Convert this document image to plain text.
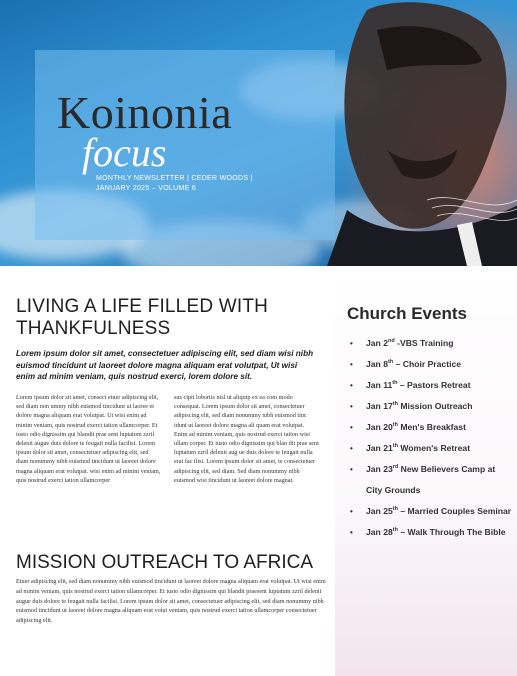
Koinonia
focus
MONTHLY NEWSLETTER | CEDER WOODS |
JANUARY 2025 – VOLUME 6
LIVING A LIFE FILLED WITH THANKFULNESS

Lorem ipsum dolor sit amet, consectetuer adipiscing elit, sed diam wisi nibh euismod tincidunt ut laoreet dolore magna aliquam erat volutpat, Ut wisi enim ad minim veniam, quis nostrud exerci, lorem dolore sit.

Lorem ipsum dolor sit amet, consect etuer adipiscing elit, sed diam non ummy nibh euismod tincidunt ut laoree et dolore magna aliquam erat volutpat. Ut wisi enim ad minim veniam, quis nostrud exerci tation ullamcorper. Et iusto odio dignissim qui blandit prae sent luptatum zzril delenit augue duis dolore te feugait nulla facilisi. Lorem ipsum dolor sit amet, consectetuer adipiscing elit, sed diam nonummy nibh euismod tincidunt ut laoreet dolore magna aliquam erat volutpat. wisi enim ad minim veniam, quis nostrud exerci tation ullamcorper

sus cipit lobortis nisl ut aliquip ex ea com modo consequat. Lorem ipsum dolor sit amet, consectetuer adipiscing elit, sed diam nonummy nibh euismod tinc idunt ut laoreet dolore magna ali quam erat volutpat. Enim ad minim veniam, quis nostrud exerci tation wisi ullam corper. Et iusto odio dignissim qui blan dit prae sent luptatum zzril delenit aug ue duis dolore te feugait nulla erat fac ilisi. Lorem ipsum dolor sit amet, te consectetuer adipiscing elit, sed diam. Sed diam nonummy nibh euismod wisi tincidunt ut laoreet dolore magnat.

MISSION OUTREACH TO AFRICA

Etuer adipiscing elit, sed diam nonummy nibh euismod tincidunt ut laoreet dolore magna aliquam erat volutpat. Ut wisi enim ad minim veniam, quis nostrud exerci tation ullamcorper. Et iusto odio dignissim qui blandit praesent luptatum zzril delenit augue duis dolore te feugait nulla facilisi. Lorem ipsum dolor sit amet, consectetuer adipiscing elit, sed diam nonummy nibh euismod tincidunt ut laoreet dolore magna aliquam erat volut veniam, quis nostrud exerci tation ullamcorper consectetuer adipiscing elit.

Church Events
• Jan 2nd -VBS Training
• Jan 8th – Choir Practice
• Jan 11th – Pastors Retreat
• Jan 17th Mission Outreach
• Jan 20th Men's Breakfast
• Jan 21th Women's Retreat
• Jan 23rd New Believers Camp at City Grounds
• Jan 25th – Married Couples Seminar
• Jan 28th – Walk Through The Bible
